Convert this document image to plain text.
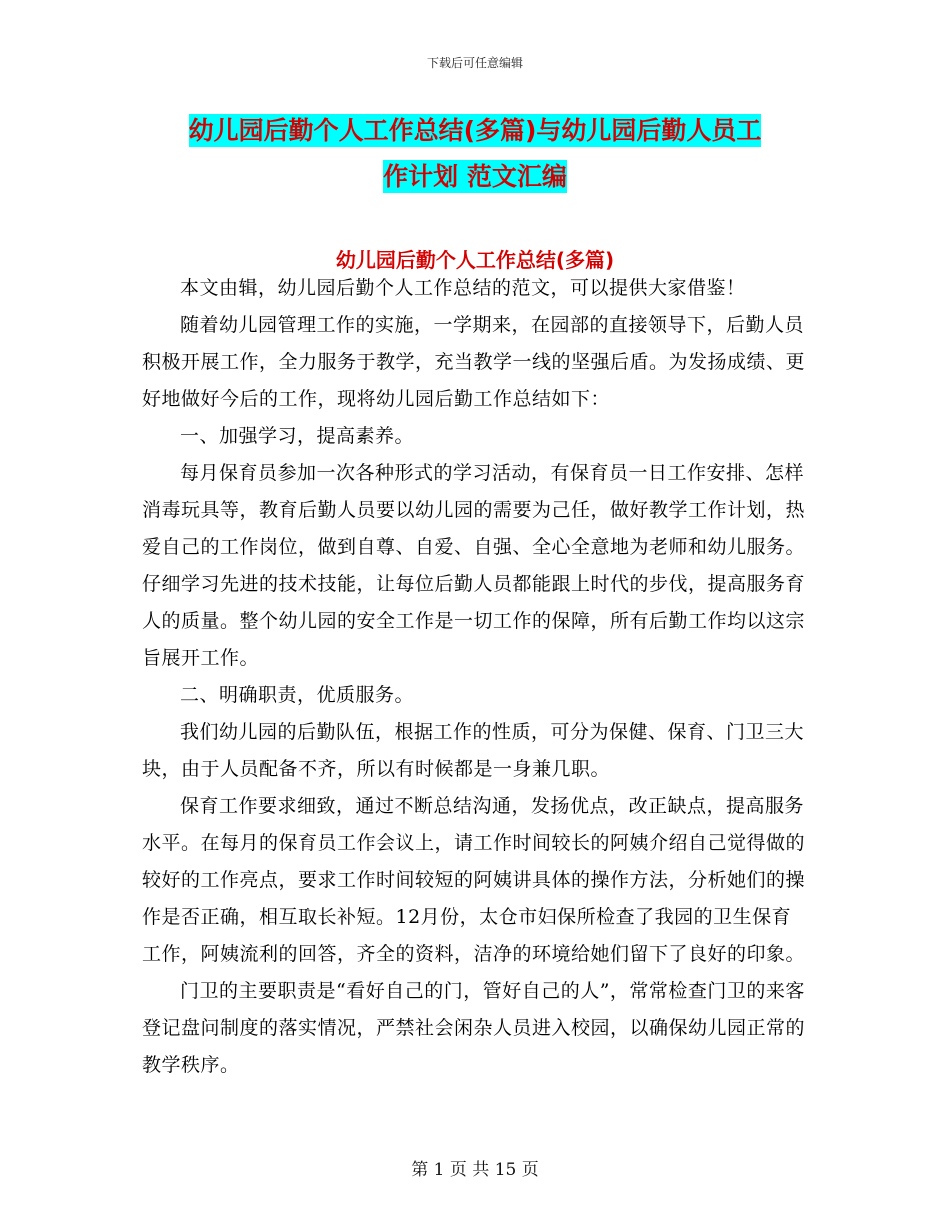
下载后可任意编辑
幼儿园后勤个人工作总结(多篇)与幼儿园后勤人员工
作计划 范文汇编
幼儿园后勤个人工作总结(多篇)

本文由辑，幼儿园后勤个人工作总结的范文，可以提供大家借鉴！

随着幼儿园管理工作的实施，一学期来，在园部的直接领导下，后勤人员积极开展工作，全力服务于教学，充当教学一线的坚强后盾。为发扬成绩、更好地做好今后的工作，现将幼儿园后勤工作总结如下：

一、加强学习，提高素养。

每月保育员参加一次各种形式的学习活动，有保育员一日工作安排、怎样消毒玩具等，教育后勤人员要以幼儿园的需要为己任，做好教学工作计划，热爱自己的工作岗位，做到自尊、自爱、自强、全心全意地为老师和幼儿服务。仔细学习先进的技术技能，让每位后勤人员都能跟上时代的步伐，提高服务育人的质量。整个幼儿园的安全工作是一切工作的保障，所有后勤工作均以这宗旨展开工作。

二、明确职责，优质服务。

我们幼儿园的后勤队伍，根据工作的性质，可分为保健、保育、门卫三大块，由于人员配备不齐，所以有时候都是一身兼几职。

保育工作要求细致，通过不断总结沟通，发扬优点，改正缺点，提高服务水平。在每月的保育员工作会议上，请工作时间较长的阿姨介绍自己觉得做的较好的工作亮点，要求工作时间较短的阿姨讲具体的操作方法，分析她们的操作是否正确，相互取长补短。12月份，太仓市妇保所检查了我园的卫生保育工作，阿姨流利的回答，齐全的资料，洁净的环境给她们留下了良好的印象。

门卫的主要职责是“看好自己的门，管好自己的人”，常常检查门卫的来客登记盘问制度的落实情况，严禁社会闲杂人员进入校园，以确保幼儿园正常的教学秩序。

第 1 页 共 15 页
